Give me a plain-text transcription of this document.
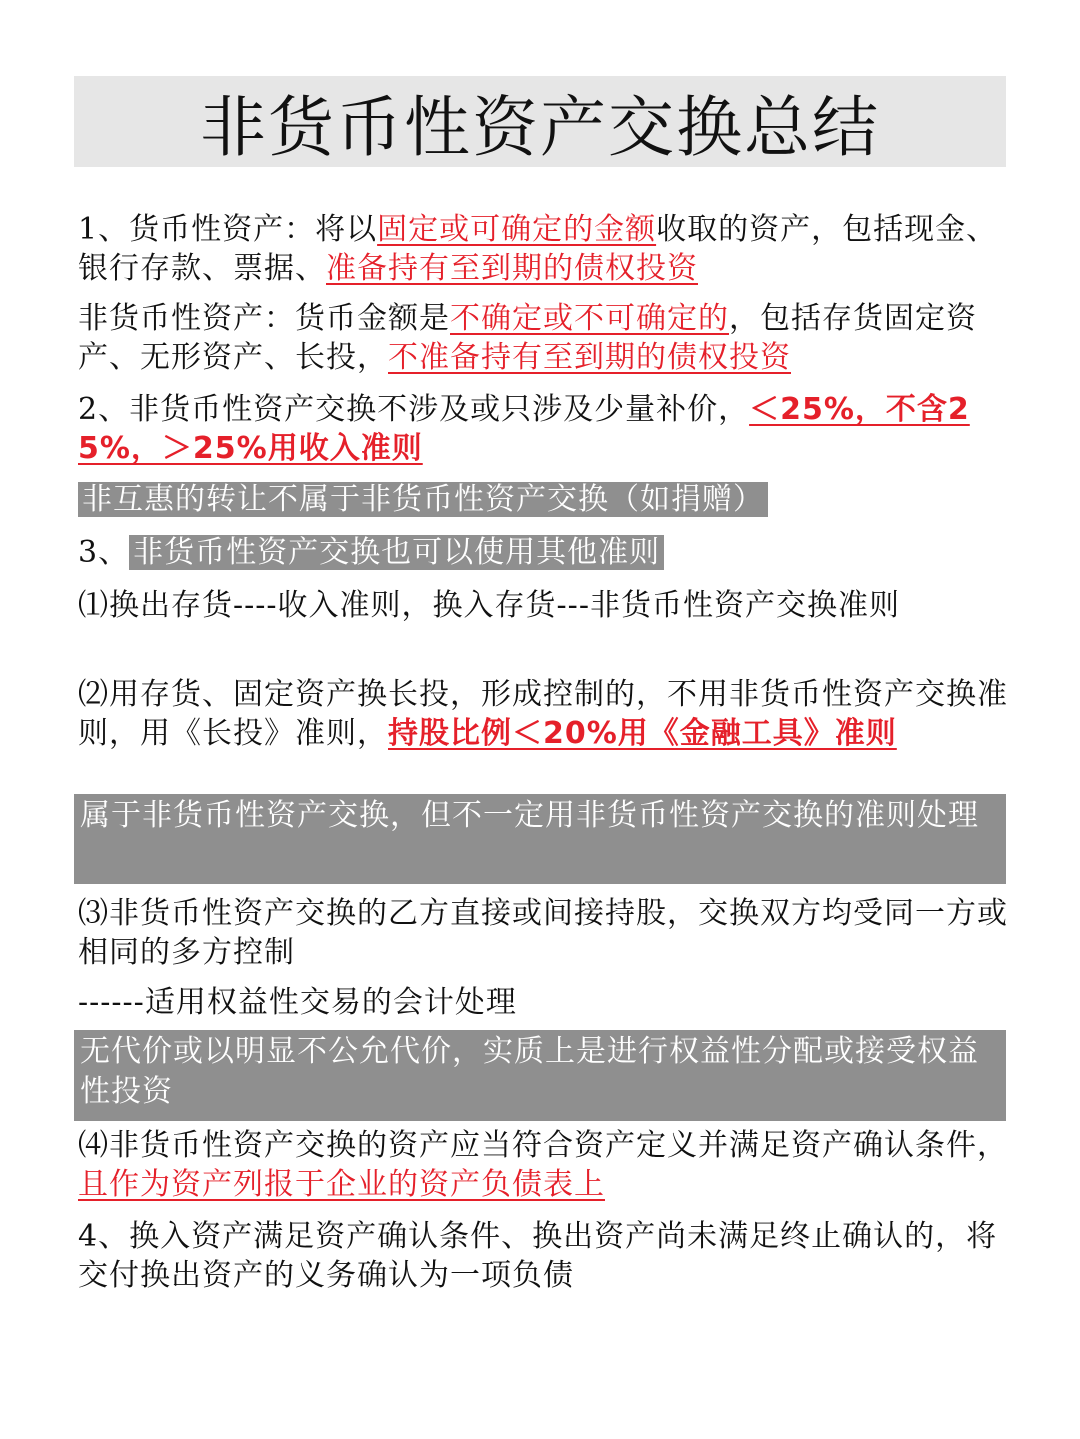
非货币性资产交换总结
1、货币性资产：将以固定或可确定的金额收取的资产，包括现金、银行存款、票据、准备持有至到期的债权投资
非货币性资产：货币金额是不确定或不可确定的，包括存货固定资产、无形资产、长投，不准备持有至到期的债权投资
2、非货币性资产交换不涉及或只涉及少量补价，＜25%，不含25%，＞25%用收入准则
非互惠的转让不属于非货币性资产交换（如捐赠）
3、 非货币性资产交换也可以使用其他准则
⑴换出存货----收入准则，换入存货---非货币性资产交换准则
⑵用存货、固定资产换长投，形成控制的，不用非货币性资产交换准则，用《长投》准则，持股比例＜20%用《金融工具》准则
属于非货币性资产交换，但不一定用非货币性资产交换的准则处理
⑶非货币性资产交换的乙方直接或间接持股，交换双方均受同一方或相同的多方控制
------适用权益性交易的会计处理
无代价或以明显不公允代价，实质上是进行权益性分配或接受权益性投资
⑷非货币性资产交换的资产应当符合资产定义并满足资产确认条件，且作为资产列报于企业的资产负债表上
4、换入资产满足资产确认条件、换出资产尚未满足终止确认的，将交付换出资产的义务确认为一项负债
